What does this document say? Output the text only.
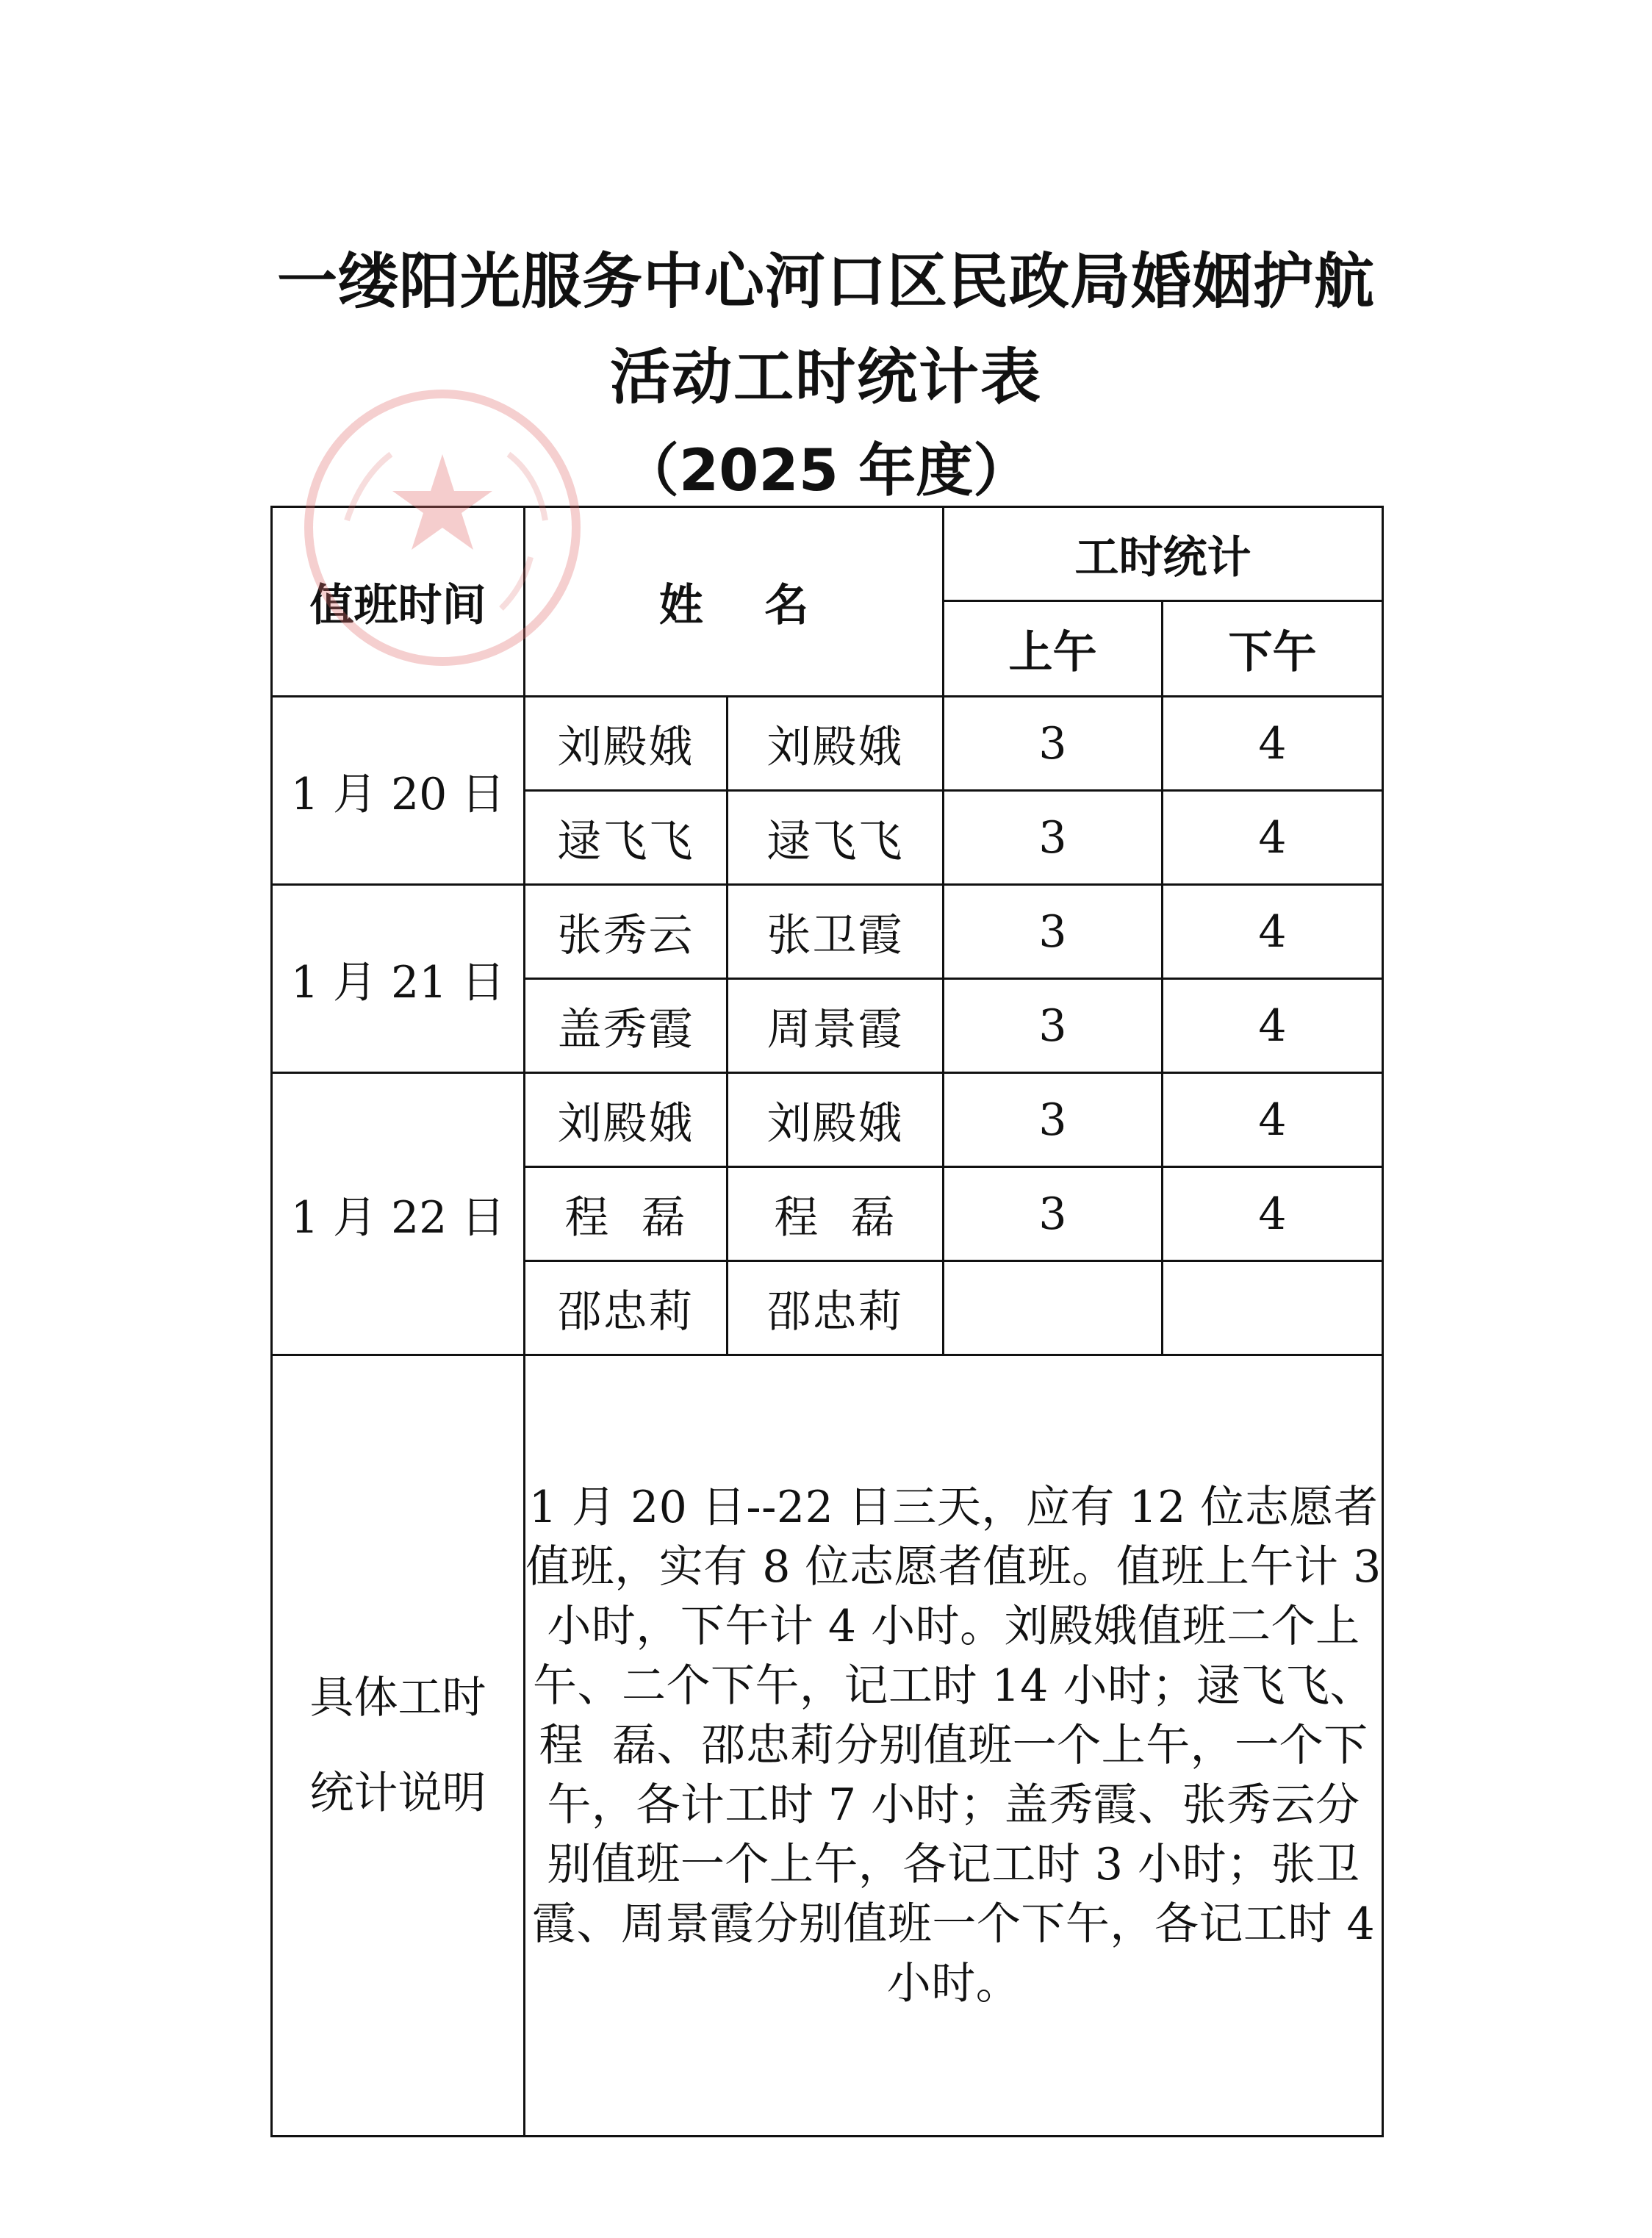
一缕阳光服务中心河口区民政局婚姻护航
活动工时统计表
（2025 年度）
值班时间	姓    名		工时统计	
			上午	下午
1 月 20 日	刘殿娥	刘殿娥	3	4
	逯飞飞	逯飞飞	3	4
1 月 21 日	张秀云	张卫霞	3	4
	盖秀霞	周景霞	3	4
1 月 22 日	刘殿娥	刘殿娥	3	4
	程  磊	程  磊	3	4
	邵忠莉	邵忠莉		

具体工时
统计说明	1 月 20 日--22 日三天，应有 12 位志愿者值班，实有 8 位志愿者值班。值班上午计 3 小时，下午计 4 小时。刘殿娥值班二个上午、二个下午，记工时 14 小时；逯飞飞、程  磊、邵忠莉分别值班一个上午，一个下午，各计工时 7 小时；盖秀霞、张秀云分别值班一个上午，各记工时 3 小时；张卫霞、周景霞分别值班一个下午，各记工时 4 小时。			
